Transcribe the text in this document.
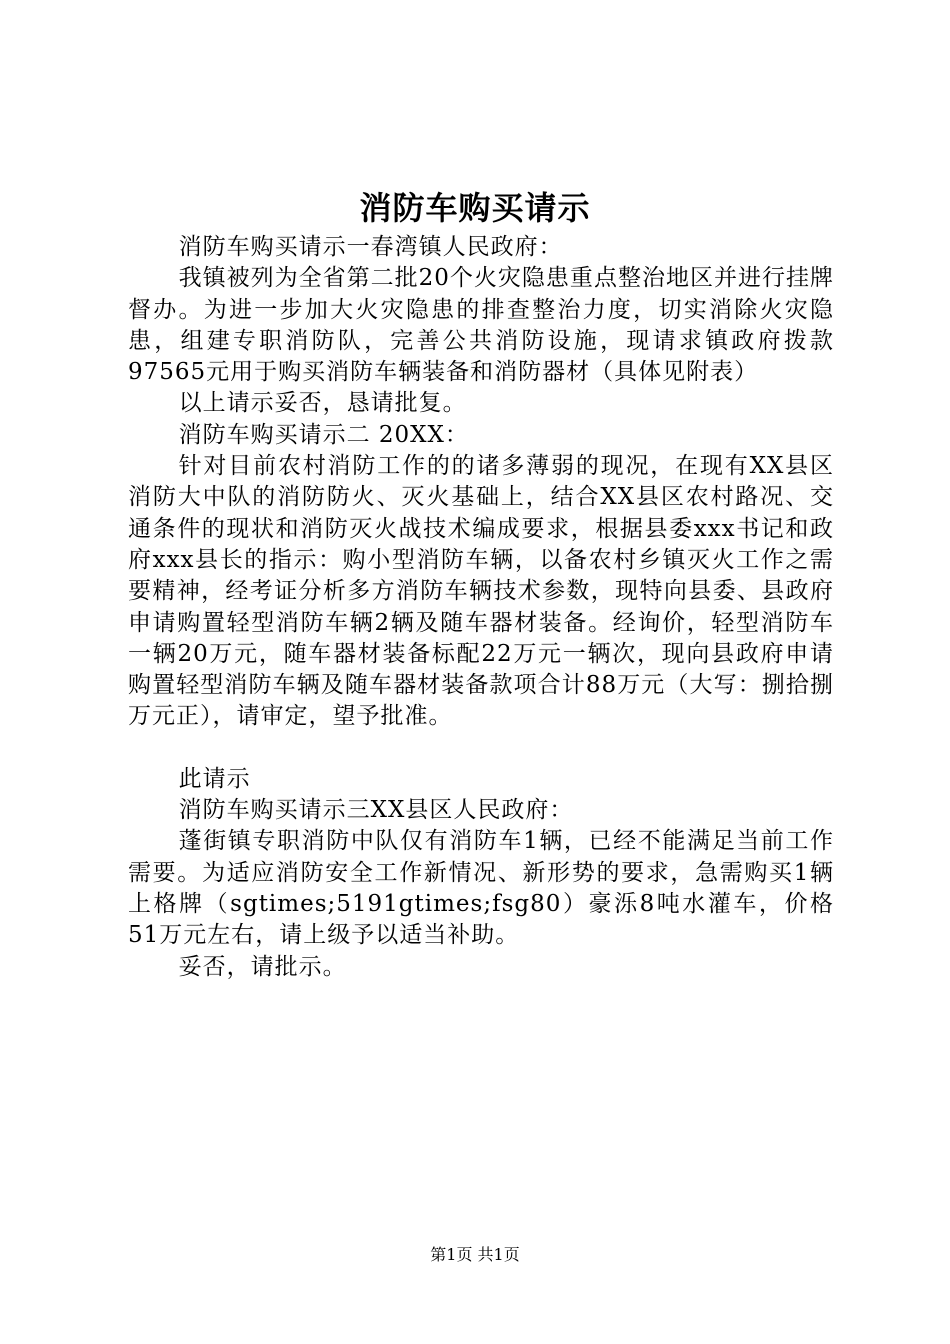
消防车购买请示

消防车购买请示一春湾镇人民政府：

我镇被列为全省第二批20个火灾隐患重点整治地区并进行挂牌督办。为进一步加大火灾隐患的排查整治力度，切实消除火灾隐患，组建专职消防队，完善公共消防设施，现请求镇政府拨款97565元用于购买消防车辆装备和消防器材（具体见附表）

以上请示妥否，恳请批复。

消防车购买请示二 20XX：

针对目前农村消防工作的的诸多薄弱的现况，在现有XX县区消防大中队的消防防火、灭火基础上，结合XX县区农村路况、交通条件的现状和消防灭火战技术编成要求，根据县委xxx书记和政府xxx县长的指示：购小型消防车辆，以备农村乡镇灭火工作之需要精神，经考证分析多方消防车辆技术参数，现特向县委、县政府申请购置轻型消防车辆2辆及随车器材装备。经询价，轻型消防车一辆20万元，随车器材装备标配22万元一辆次，现向县政府申请购置轻型消防车辆及随车器材装备款项合计88万元（大写：捌拾捌万元正），请审定，望予批准。

此请示

消防车购买请示三XX县区人民政府：

蓬街镇专职消防中队仅有消防车1辆，已经不能满足当前工作需要。为适应消防安全工作新情况、新形势的要求，急需购买1辆上格牌（sgtimes;5191gtimes;fsg80）豪泺8吨水灌车，价格51万元左右，请上级予以适当补助。

妥否，请批示。

第1页 共1页
